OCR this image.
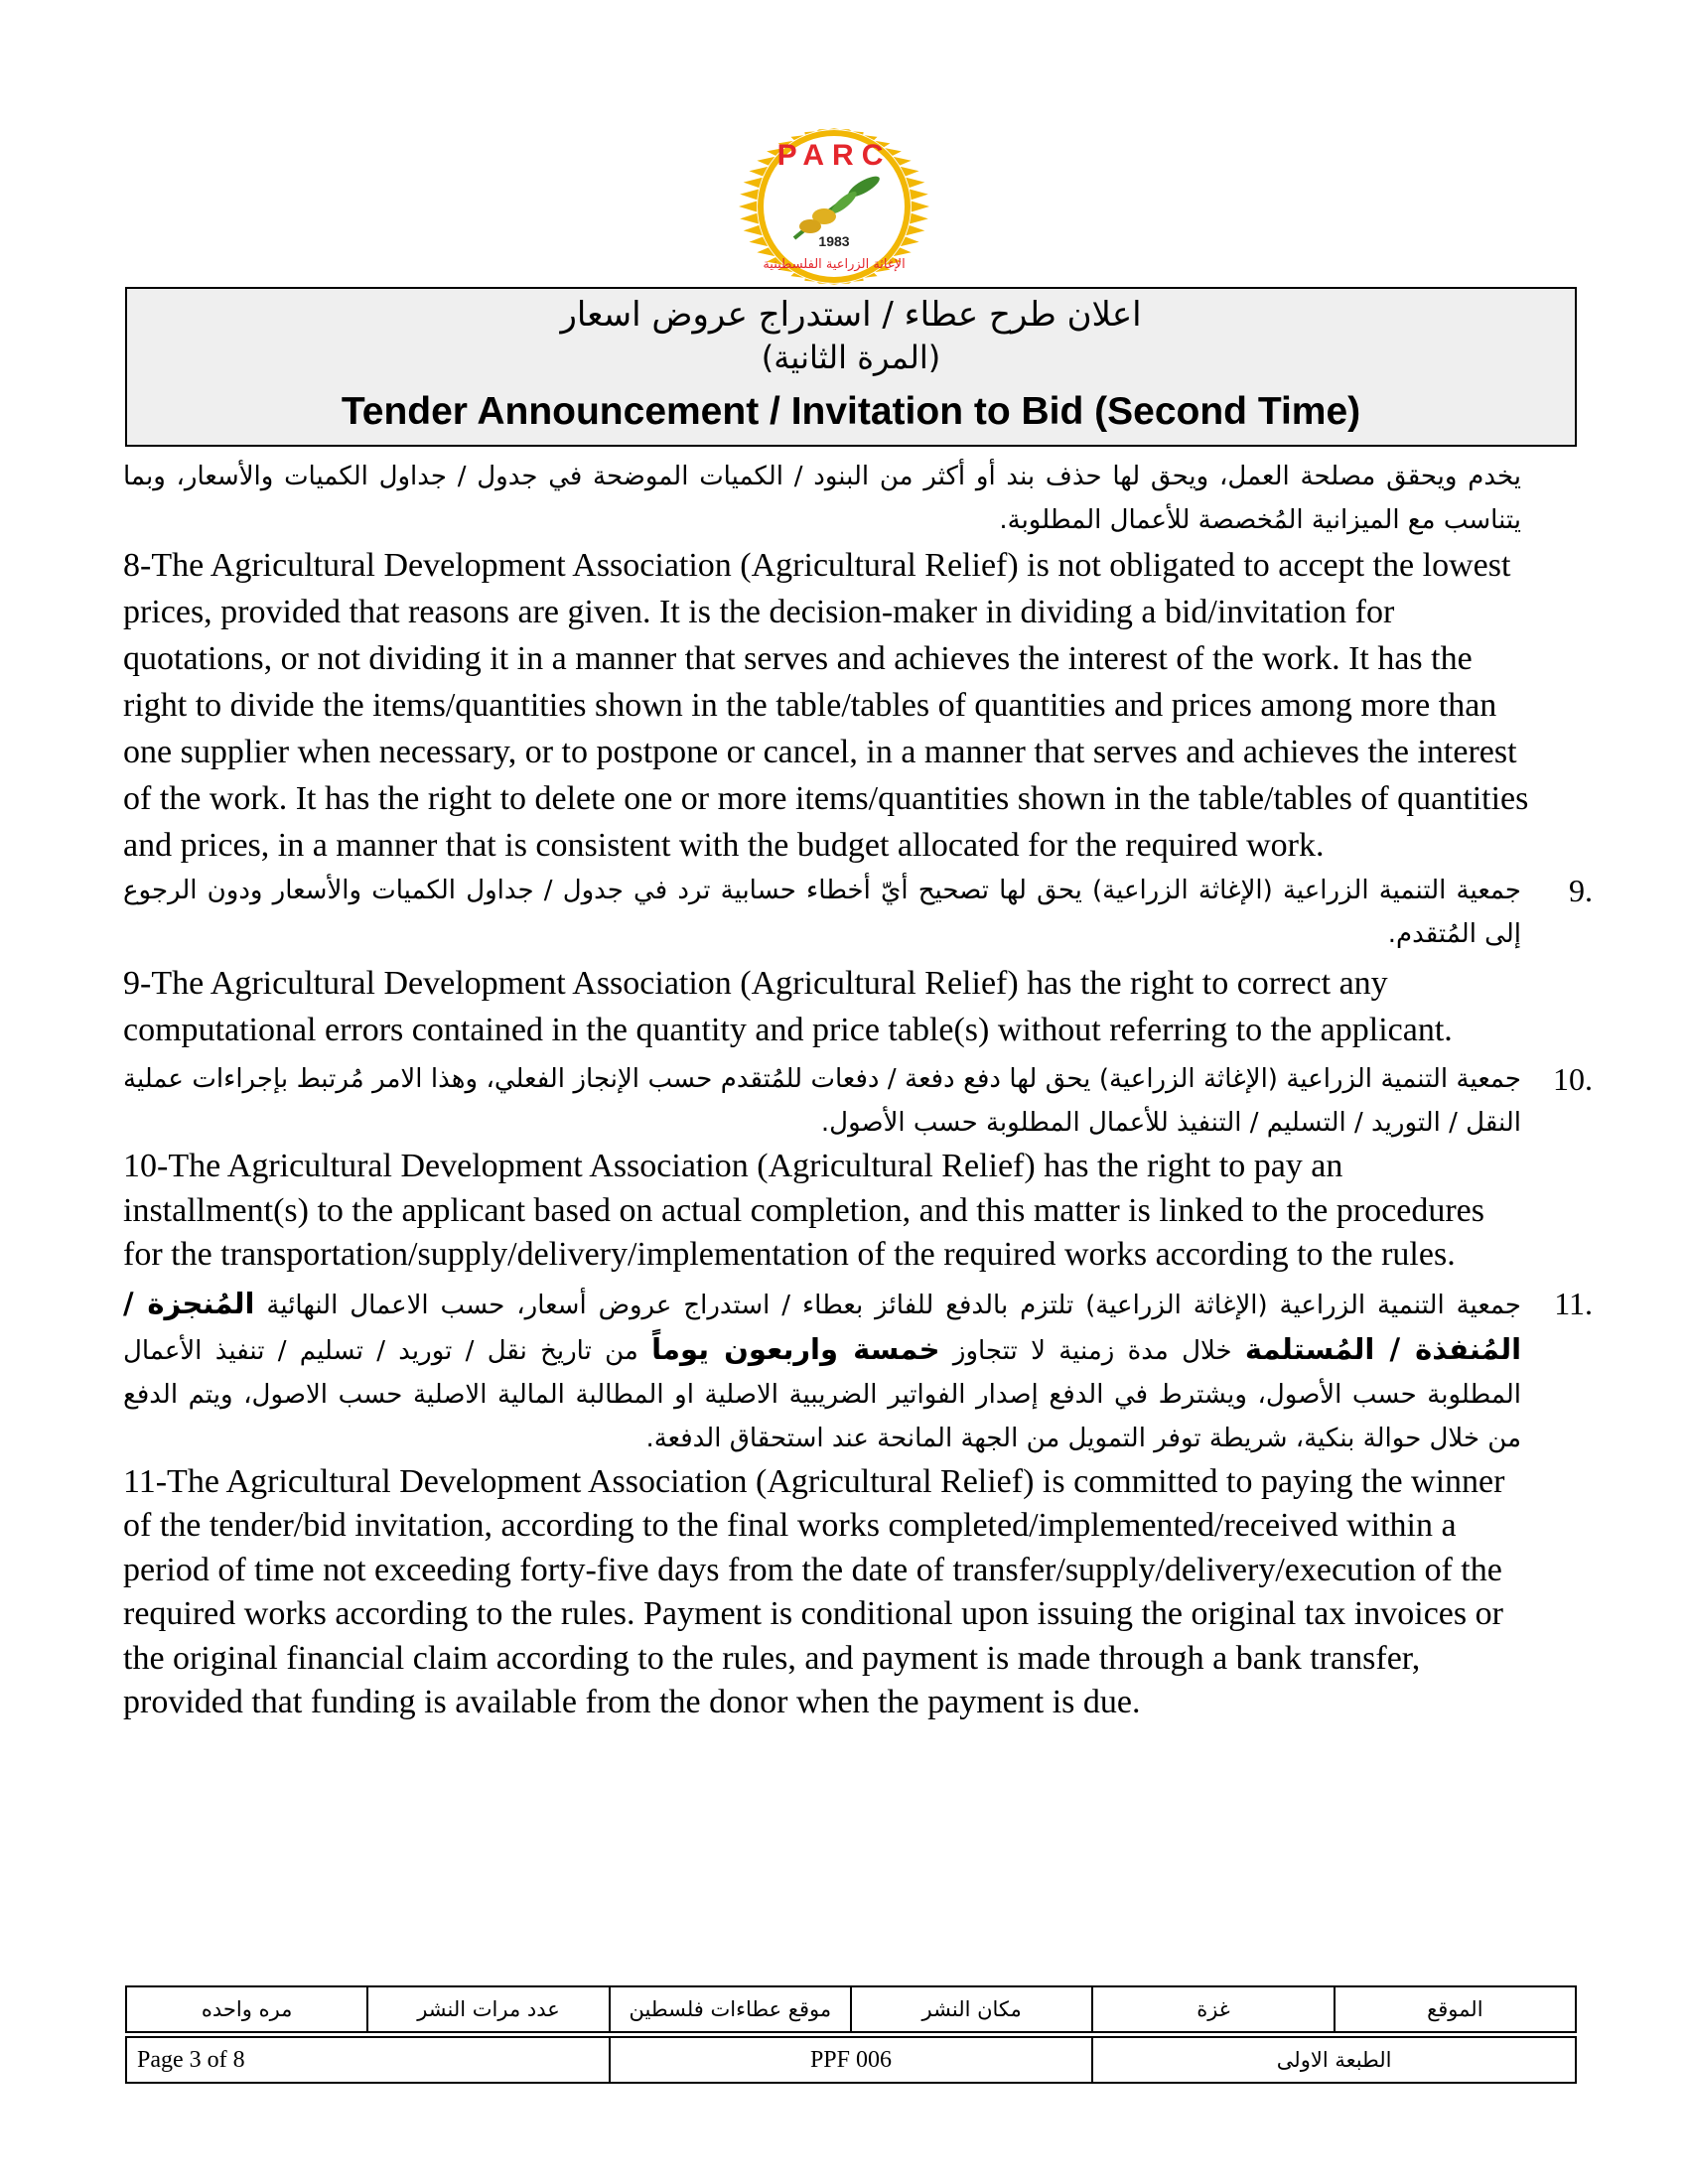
PARC
1983
الإغاثة الزراعية الفلسطينية
اعلان طرح عطاء / استدراج عروض اسعار
(المرة الثانية)
Tender Announcement / Invitation to Bid (Second Time)
يخدم ويحقق مصلحة العمل، ويحق لها حذف بند أو أكثر من البنود / الكميات الموضحة في جدول / جداول الكميات والأسعار، وبما يتناسب مع الميزانية المُخصصة للأعمال المطلوبة.
8-The Agricultural Development Association (Agricultural Relief) is not obligated to accept the lowest prices, provided that reasons are given. It is the decision-maker in dividing a bid/invitation for quotations, or not dividing it in a manner that serves and achieves the interest of the work. It has the right to divide the items/quantities shown in the table/tables of quantities and prices among more than one supplier when necessary, or to postpone or cancel, in a manner that serves and achieves the interest of the work. It has the right to delete one or more items/quantities shown in the table/tables of quantities and prices, in a manner that is consistent with the budget allocated for the required work.
9.
جمعية التنمية الزراعية (الإغاثة الزراعية) يحق لها تصحيح أيّ أخطاء حسابية ترد في جدول / جداول الكميات والأسعار ودون الرجوع إلى المُتقدم.
9-The Agricultural Development Association (Agricultural Relief) has the right to correct any computational errors contained in the quantity and price table(s) without referring to the applicant.
10.
جمعية التنمية الزراعية (الإغاثة الزراعية) يحق لها دفع دفعة / دفعات للمُتقدم حسب الإنجاز الفعلي، وهذا الامر مُرتبط بإجراءات عملية النقل / التوريد / التسليم / التنفيذ للأعمال المطلوبة حسب الأصول.
10-The Agricultural Development Association (Agricultural Relief) has the right to pay an installment(s) to the applicant based on actual completion, and this matter is linked to the procedures for the transportation/supply/delivery/implementation of the required works according to the rules.
11.
جمعية التنمية الزراعية (الإغاثة الزراعية) تلتزم بالدفع للفائز بعطاء / استدراج عروض أسعار، حسب الاعمال النهائية المُنجزة / المُنفذة / المُستلمة خلال مدة زمنية لا تتجاوز خمسة واربعون يوماً من تاريخ نقل / توريد / تسليم / تنفيذ الأعمال المطلوبة حسب الأصول، ويشترط في الدفع إصدار الفواتير الضريبية الاصلية او المطالبة المالية الاصلية حسب الاصول، ويتم الدفع من خلال حوالة بنكية، شريطة توفر التمويل من الجهة المانحة عند استحقاق الدفعة.
11-The Agricultural Development Association (Agricultural Relief) is committed to paying the winner of the tender/bid invitation, according to the final works completed/implemented/received within a period of time not exceeding forty-five days from the date of transfer/supply/delivery/execution of the required works according to the rules. Payment is conditional upon issuing the original tax invoices or the original financial claim according to the rules, and payment is made through a bank transfer, provided that funding is available from the donor when the payment is due.
مره واحده	عدد مرات النشر	موقع عطاءات فلسطين	مكان النشر	غزة	الموقع
Page 3 of 8	PPF 006	الطبعة الاولى
